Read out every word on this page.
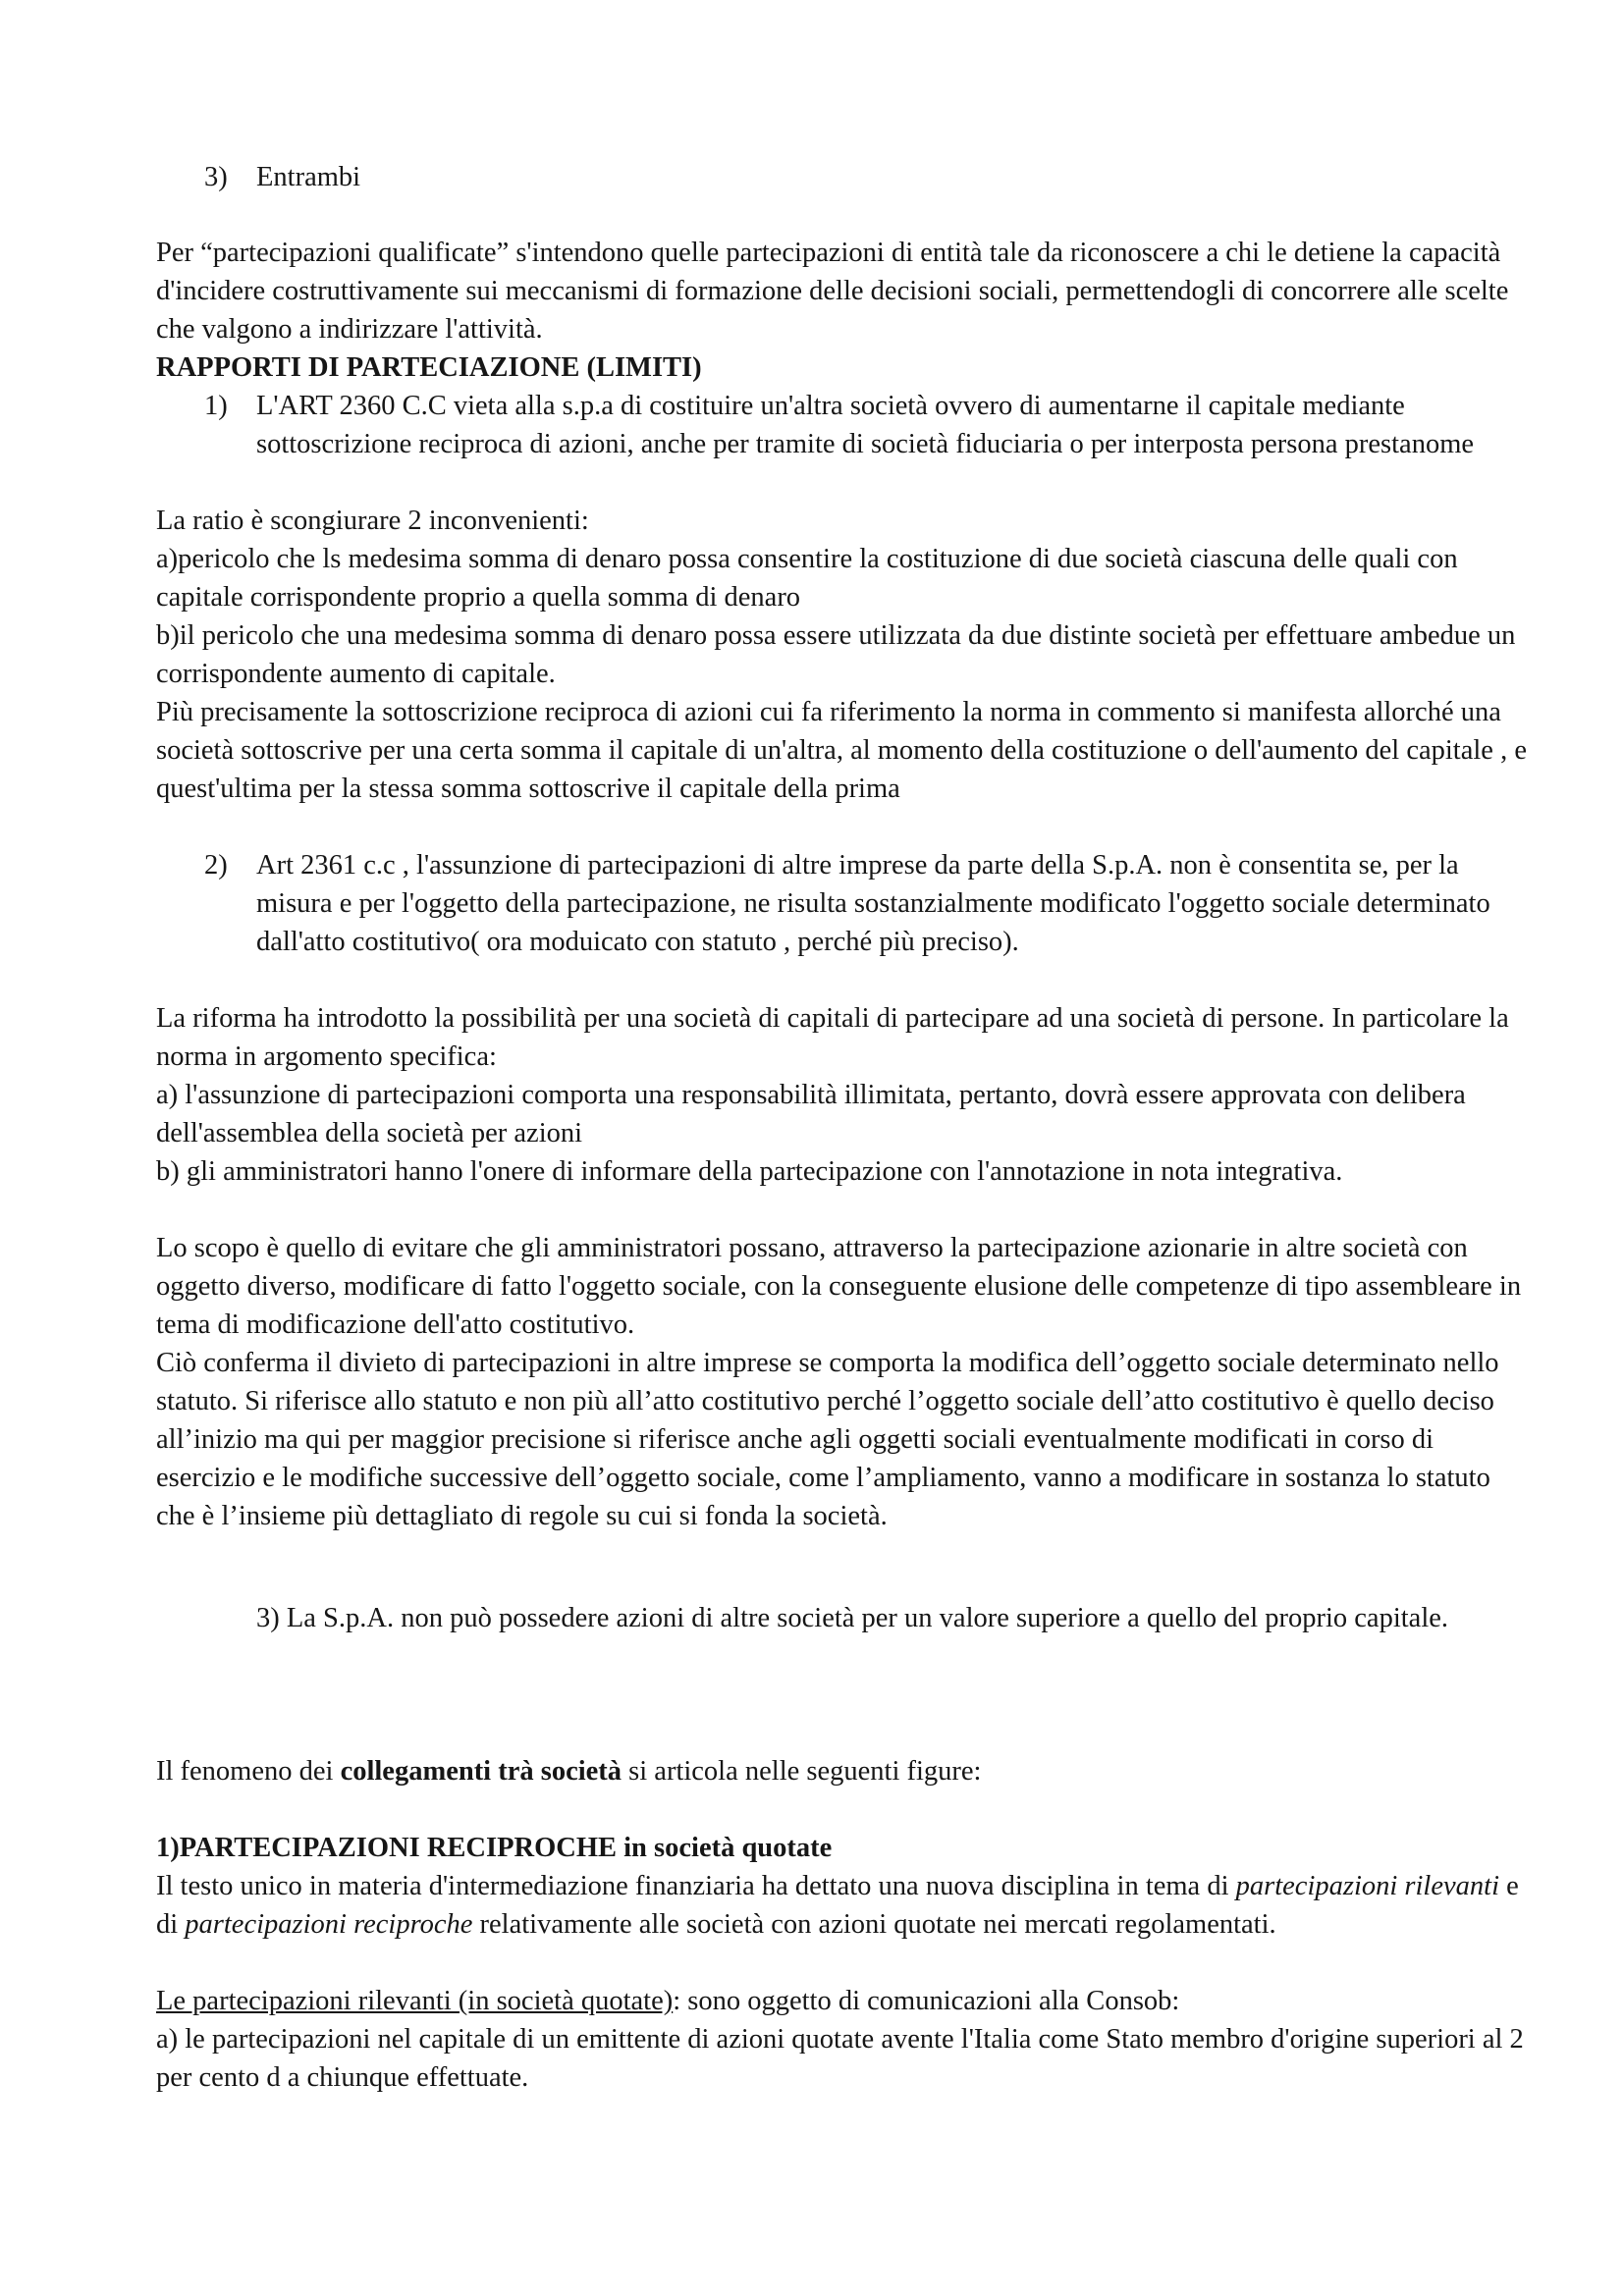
3) Entrambi

Per “partecipazioni qualificate” s'intendono quelle partecipazioni di entità tale da riconoscere a chi le detiene la capacità d'incidere costruttivamente sui meccanismi di formazione delle decisioni sociali, permettendogli di concorrere alle scelte che valgono a indirizzare l'attività.

RAPPORTI DI PARTECIAZIONE (LIMITI)

1) L'ART 2360 C.C vieta alla s.p.a di costituire un'altra società ovvero di aumentarne il capitale mediante sottoscrizione reciproca di azioni, anche per tramite di società fiduciaria o per interposta persona prestanome

La ratio è scongiurare 2 inconvenienti:

a)pericolo che ls medesima somma di denaro possa consentire la costituzione di due società ciascuna delle quali con capitale corrispondente proprio a quella somma di denaro

b)il pericolo che una medesima somma di denaro possa essere utilizzata da due distinte società per effettuare ambedue un corrispondente aumento di capitale.

Più precisamente la sottoscrizione reciproca di azioni cui fa riferimento la norma in commento si manifesta allorché una società sottoscrive per una certa somma il capitale di un'altra, al momento della costituzione o dell'aumento del capitale , e quest'ultima per la stessa somma sottoscrive il capitale della prima

2) Art 2361 c.c , l'assunzione di partecipazioni di altre imprese da parte della S.p.A. non è consentita se, per la misura e per l'oggetto della partecipazione, ne risulta sostanzialmente modificato l'oggetto sociale determinato dall'atto costitutivo( ora moduicato con statuto , perché più preciso).

La riforma ha introdotto la possibilità per una società di capitali di partecipare ad una società di persone. In particolare la norma in argomento specifica:

a) l'assunzione di partecipazioni comporta una responsabilità illimitata, pertanto, dovrà essere approvata con delibera dell'assemblea della società per azioni

b) gli amministratori hanno l'onere di informare della partecipazione con l'annotazione in nota integrativa.

Lo scopo è quello di evitare che gli amministratori possano, attraverso la partecipazione azionarie in altre società con oggetto diverso, modificare di fatto l'oggetto sociale, con la conseguente elusione delle competenze di tipo assembleare in tema di modificazione dell'atto costitutivo.

Ciò conferma il divieto di partecipazioni in altre imprese se comporta la modifica dell’oggetto sociale determinato nello statuto. Si riferisce allo statuto e non più all’atto costitutivo perché l’oggetto sociale dell’atto costitutivo è quello deciso all’inizio ma qui per maggior precisione si riferisce anche agli oggetti sociali eventualmente modificati in corso di esercizio e le modifiche successive dell’oggetto sociale, come l’ampliamento, vanno a modificare in sostanza lo statuto che è l’insieme più dettagliato di regole su cui si fonda la società.

3) La S.p.A. non può possedere azioni di altre società per un valore superiore a quello del proprio capitale.

Il fenomeno dei collegamenti trà società si articola nelle seguenti figure:

1)PARTECIPAZIONI RECIPROCHE in società quotate

Il testo unico in materia d'intermediazione finanziaria ha dettato una nuova disciplina in tema di partecipazioni rilevanti e di partecipazioni reciproche relativamente alle società con azioni quotate nei mercati regolamentati.

Le partecipazioni rilevanti (in società quotate): sono oggetto di comunicazioni alla Consob:

a) le partecipazioni nel capitale di un emittente di azioni quotate avente l'Italia come Stato membro d'origine superiori al 2 per cento d a chiunque effettuate.
